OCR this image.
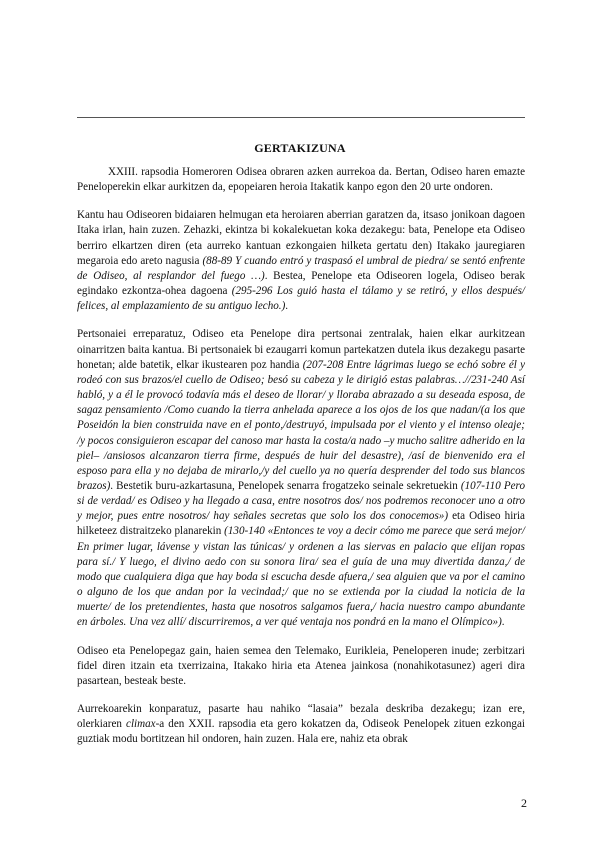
GERTAKIZUNA

XXIII. rapsodia Homeroren Odisea obraren azken aurrekoa da. Bertan, Odiseo haren emazte Peneloperekin elkar aurkitzen da, epopeiaren heroia Itakatik kanpo egon den 20 urte ondoren.

Kantu hau Odiseoren bidaiaren helmugan eta heroiaren aberrian garatzen da, itsaso jonikoan dagoen Itaka irlan, hain zuzen. Zehazki, ekintza bi kokalekuetan koka dezakegu: bata, Penelope eta Odiseo berriro elkartzen diren (eta aurreko kantuan ezkongaien hilketa gertatu den) Itakako jauregiaren megaroia edo areto nagusia (88-89 Y cuando entró y traspasó el umbral de piedra/ se sentó enfrente de Odiseo, al resplandor del fuego …). Bestea, Penelope eta Odiseoren logela, Odiseo berak egindako ezkontza-ohea dagoena (295-296 Los guió hasta el tálamo y se retiró, y ellos después/ felices, al emplazamiento de su antiguo lecho.).

Pertsonaiei erreparatuz, Odiseo eta Penelope dira pertsonai zentralak, haien elkar aurkitzean oinarritzen baita kantua. Bi pertsonaiek bi ezaugarri komun partekatzen dutela ikus dezakegu pasarte honetan; alde batetik, elkar ikustearen poz handia (207-208 Entre lágrimas luego se echó sobre él y rodeó con sus brazos/el cuello de Odiseo; besó su cabeza y le dirigió estas palabras…//231-240 Así habló, y a él le provocó todavía más el deseo de llorar/ y lloraba abrazado a su deseada esposa, de sagaz pensamiento /Como cuando la tierra anhelada aparece a los ojos de los que nadan/(a los que Poseidón la bien construida nave en el ponto,/destruyó, impulsada por el viento y el intenso oleaje; /y pocos consiguieron escapar del canoso mar hasta la costa/a nado –y mucho salitre adherido en la piel– /ansiosos alcanzaron tierra firme, después de huir del desastre), /así de bienvenido era el esposo para ella y no dejaba de mirarlo,/y del cuello ya no quería desprender del todo sus blancos brazos). Bestetik buru-azkartasuna, Penelopek senarra frogatzeko seinale sekretuekin (107-110 Pero si de verdad/ es Odiseo y ha llegado a casa, entre nosotros dos/ nos podremos reconocer uno a otro y mejor, pues entre nosotros/ hay señales secretas que solo los dos conocemos») eta Odiseo hiria hilketeez distraitzeko planarekin (130-140 «Entonces te voy a decir cómo me parece que será mejor/ En primer lugar, lávense y vistan las túnicas/ y ordenen a las siervas en palacio que elijan ropas para sí./ Y luego, el divino aedo con su sonora lira/ sea el guía de una muy divertida danza,/ de modo que cualquiera diga que hay boda si escucha desde afuera,/ sea alguien que va por el camino o alguno de los que andan por la vecindad;/ que no se extienda por la ciudad la noticia de la muerte/ de los pretendientes, hasta que nosotros salgamos fuera,/ hacia nuestro campo abundante en árboles. Una vez allí/ discurriremos, a ver qué ventaja nos pondrá en la mano el Olímpico»).

Odiseo eta Penelopegaz gain, haien semea den Telemako, Eurikleia, Peneloperen inude; zerbitzari fidel diren itzain eta txerrizaina, Itakako hiria eta Atenea jainkosa (nonahikotasunez) ageri dira pasartean, besteak beste.

Aurrekoarekin konparatuz, pasarte hau nahiko “lasaia” bezala deskriba dezakegu; izan ere, olerkiaren climax-a den XXII. rapsodia eta gero kokatzen da, Odiseok Penelopek zituen ezkongai guztiak modu bortitzean hil ondoren, hain zuzen. Hala ere, nahiz eta obrak

2
